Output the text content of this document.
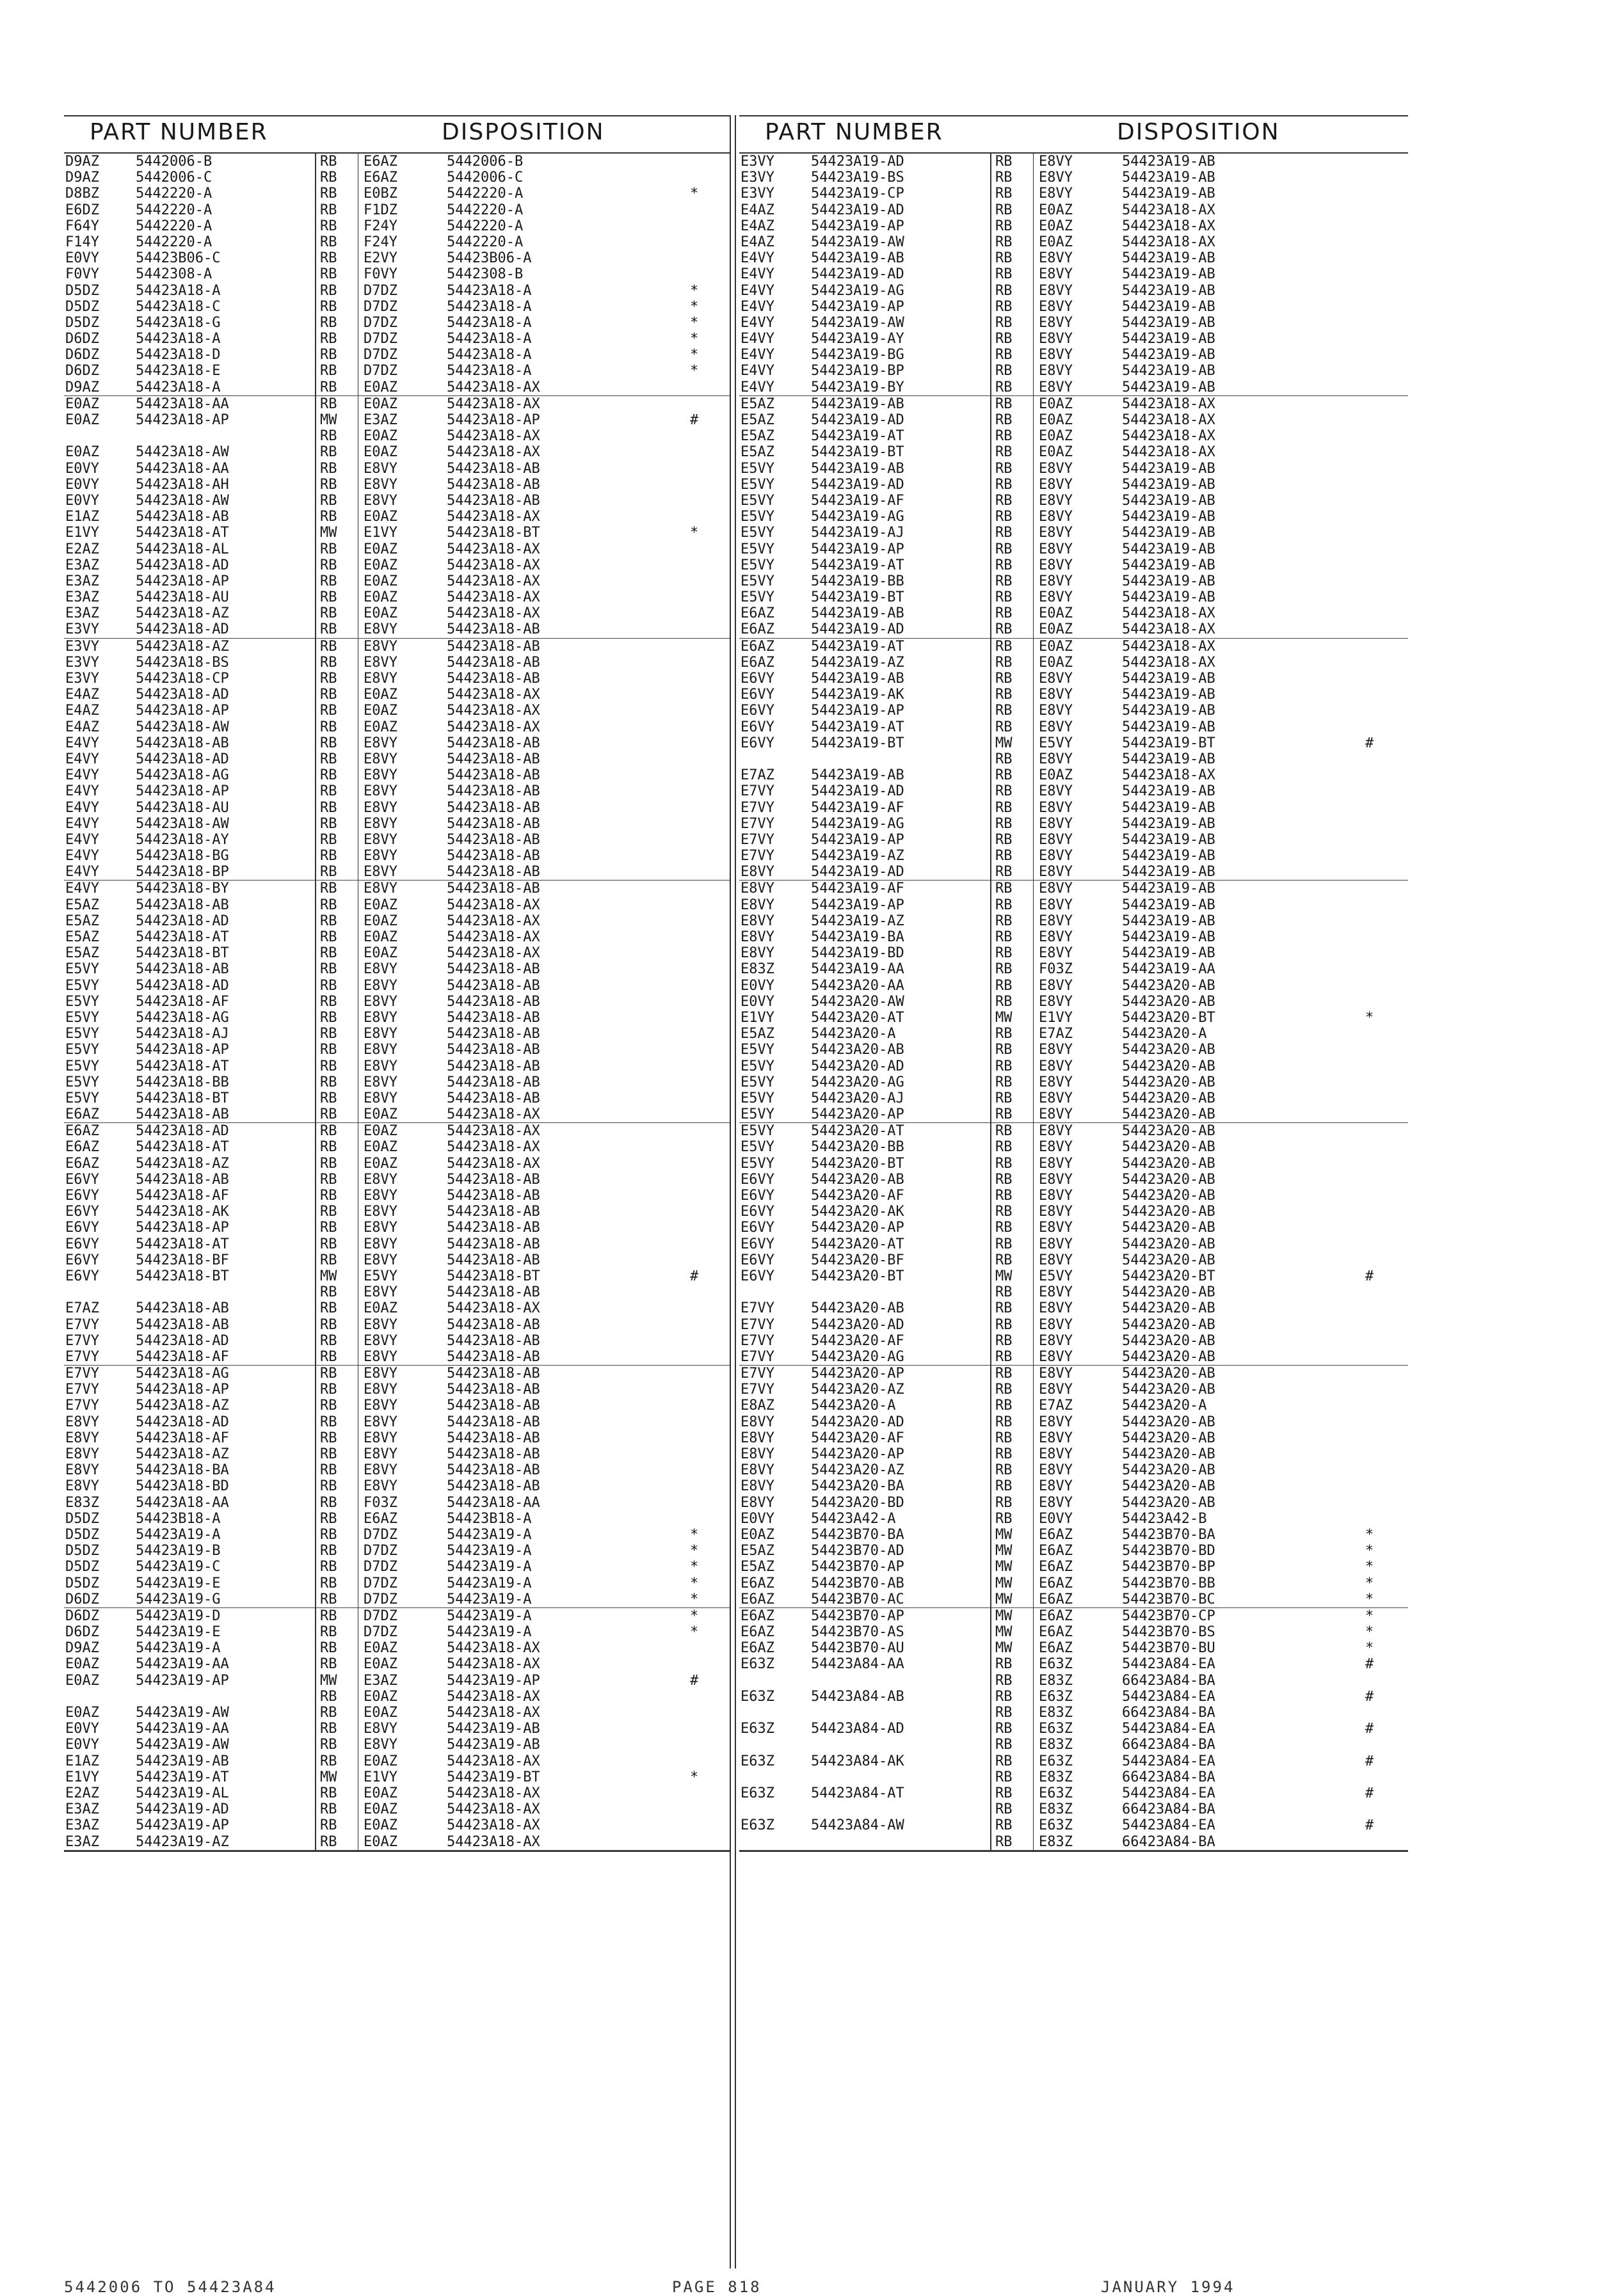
PART NUMBER	DISPOSITION
D9AZ	5442006-B	RB E6AZ	5442006-B
D9AZ	5442006-C	RB E6AZ	5442006-C
D8BZ	5442220-A	RB E0BZ	5442220-A	*
E6DZ	5442220-A	RB F1DZ	5442220-A
F64Y	5442220-A	RB F24Y	5442220-A
F14Y	5442220-A	RB F24Y	5442220-A
E0VY	54423B06-C	RB E2VY	54423B06-A
F0VY	5442308-A	RB F0VY	5442308-B
D5DZ	54423A18-A	RB D7DZ	54423A18-A	*
D5DZ	54423A18-C	RB D7DZ	54423A18-A	*
D5DZ	54423A18-G	RB D7DZ	54423A18-A	*
D6DZ	54423A18-A	RB D7DZ	54423A18-A	*
D6DZ	54423A18-D	RB D7DZ	54423A18-A	*
D6DZ	54423A18-E	RB D7DZ	54423A18-A	*
D9AZ	54423A18-A	RB E0AZ	54423A18-AX
E0AZ	54423A18-AA	RB E0AZ	54423A18-AX
E0AZ	54423A18-AP	MW E3AZ	54423A18-AP	#
RB E0AZ	54423A18-AX
E0AZ	54423A18-AW	RB E0AZ	54423A18-AX
E0VY	54423A18-AA	RB E8VY	54423A18-AB
E0VY	54423A18-AH	RB E8VY	54423A18-AB
E0VY	54423A18-AW	RB E8VY	54423A18-AB
E1AZ	54423A18-AB	RB E0AZ	54423A18-AX
E1VY	54423A18-AT	MW E1VY	54423A18-BT	*
E2AZ	54423A18-AL	RB E0AZ	54423A18-AX
E3AZ	54423A18-AD	RB E0AZ	54423A18-AX
E3AZ	54423A18-AP	RB E0AZ	54423A18-AX
E3AZ	54423A18-AU	RB E0AZ	54423A18-AX
E3AZ	54423A18-AZ	RB E0AZ	54423A18-AX
E3VY	54423A18-AD	RB E8VY	54423A18-AB
E3VY	54423A18-AZ	RB E8VY	54423A18-AB
E3VY	54423A18-BS	RB E8VY	54423A18-AB
E3VY	54423A18-CP	RB E8VY	54423A18-AB
E4AZ	54423A18-AD	RB E0AZ	54423A18-AX
E4AZ	54423A18-AP	RB E0AZ	54423A18-AX
E4AZ	54423A18-AW	RB E0AZ	54423A18-AX
E4VY	54423A18-AB	RB E8VY	54423A18-AB
E4VY	54423A18-AD	RB E8VY	54423A18-AB
E4VY	54423A18-AG	RB E8VY	54423A18-AB
E4VY	54423A18-AP	RB E8VY	54423A18-AB
E4VY	54423A18-AU	RB E8VY	54423A18-AB
E4VY	54423A18-AW	RB E8VY	54423A18-AB
E4VY	54423A18-AY	RB E8VY	54423A18-AB
E4VY	54423A18-BG	RB E8VY	54423A18-AB
E4VY	54423A18-BP	RB E8VY	54423A18-AB
E4VY	54423A18-BY	RB E8VY	54423A18-AB
E5AZ	54423A18-AB	RB E0AZ	54423A18-AX
E5AZ	54423A18-AD	RB E0AZ	54423A18-AX
E5AZ	54423A18-AT	RB E0AZ	54423A18-AX
E5AZ	54423A18-BT	RB E0AZ	54423A18-AX
E5VY	54423A18-AB	RB E8VY	54423A18-AB
E5VY	54423A18-AD	RB E8VY	54423A18-AB
E5VY	54423A18-AF	RB E8VY	54423A18-AB
E5VY	54423A18-AG	RB E8VY	54423A18-AB
E5VY	54423A18-AJ	RB E8VY	54423A18-AB
E5VY	54423A18-AP	RB E8VY	54423A18-AB
E5VY	54423A18-AT	RB E8VY	54423A18-AB
E5VY	54423A18-BB	RB E8VY	54423A18-AB
E5VY	54423A18-BT	RB E8VY	54423A18-AB
E6AZ	54423A18-AB	RB E0AZ	54423A18-AX
E6AZ	54423A18-AD	RB E0AZ	54423A18-AX
E6AZ	54423A18-AT	RB E0AZ	54423A18-AX
E6AZ	54423A18-AZ	RB E0AZ	54423A18-AX
E6VY	54423A18-AB	RB E8VY	54423A18-AB
E6VY	54423A18-AF	RB E8VY	54423A18-AB
E6VY	54423A18-AK	RB E8VY	54423A18-AB
E6VY	54423A18-AP	RB E8VY	54423A18-AB
E6VY	54423A18-AT	RB E8VY	54423A18-AB
E6VY	54423A18-BF	RB E8VY	54423A18-AB
E6VY	54423A18-BT	MW E5VY	54423A18-BT	#
RB E8VY	54423A18-AB
E7AZ	54423A18-AB	RB E0AZ	54423A18-AX
E7VY	54423A18-AB	RB E8VY	54423A18-AB
E7VY	54423A18-AD	RB E8VY	54423A18-AB
E7VY	54423A18-AF	RB E8VY	54423A18-AB
E7VY	54423A18-AG	RB E8VY	54423A18-AB
E7VY	54423A18-AP	RB E8VY	54423A18-AB
E7VY	54423A18-AZ	RB E8VY	54423A18-AB
E8VY	54423A18-AD	RB E8VY	54423A18-AB
E8VY	54423A18-AF	RB E8VY	54423A18-AB
E8VY	54423A18-AZ	RB E8VY	54423A18-AB
E8VY	54423A18-BA	RB E8VY	54423A18-AB
E8VY	54423A18-BD	RB E8VY	54423A18-AB
E83Z	54423A18-AA	RB F03Z	54423A18-AA
D5DZ	54423B18-A	RB E6AZ	54423B18-A
D5DZ	54423A19-A	RB D7DZ	54423A19-A	*
D5DZ	54423A19-B	RB D7DZ	54423A19-A	*
D5DZ	54423A19-C	RB D7DZ	54423A19-A	*
D5DZ	54423A19-E	RB D7DZ	54423A19-A	*
D6DZ	54423A19-G	RB D7DZ	54423A19-A	*
D6DZ	54423A19-D	RB D7DZ	54423A19-A	*
D6DZ	54423A19-E	RB D7DZ	54423A19-A	*
D9AZ	54423A19-A	RB E0AZ	54423A18-AX
E0AZ	54423A19-AA	RB E0AZ	54423A18-AX
E0AZ	54423A19-AP	MW E3AZ	54423A19-AP	#
RB E0AZ	54423A18-AX
E0AZ	54423A19-AW	RB E0AZ	54423A18-AX
E0VY	54423A19-AA	RB E8VY	54423A19-AB
E0VY	54423A19-AW	RB E8VY	54423A19-AB
E1AZ	54423A19-AB	RB E0AZ	54423A18-AX
E1VY	54423A19-AT	MW E1VY	54423A19-BT	*
E2AZ	54423A19-AL	RB E0AZ	54423A18-AX
E3AZ	54423A19-AD	RB E0AZ	54423A18-AX
E3AZ	54423A19-AP	RB E0AZ	54423A18-AX
E3AZ	54423A19-AZ	RB E0AZ	54423A18-AX
PART NUMBER	DISPOSITION
E3VY	54423A19-AD	RB E8VY	54423A19-AB
E3VY	54423A19-BS	RB E8VY	54423A19-AB
E3VY	54423A19-CP	RB E8VY	54423A19-AB
E4AZ	54423A19-AD	RB E0AZ	54423A18-AX
E4AZ	54423A19-AP	RB E0AZ	54423A18-AX
E4AZ	54423A19-AW	RB E0AZ	54423A18-AX
E4VY	54423A19-AB	RB E8VY	54423A19-AB
E4VY	54423A19-AD	RB E8VY	54423A19-AB
E4VY	54423A19-AG	RB E8VY	54423A19-AB
E4VY	54423A19-AP	RB E8VY	54423A19-AB
E4VY	54423A19-AW	RB E8VY	54423A19-AB
E4VY	54423A19-AY	RB E8VY	54423A19-AB
E4VY	54423A19-BG	RB E8VY	54423A19-AB
E4VY	54423A19-BP	RB E8VY	54423A19-AB
E4VY	54423A19-BY	RB E8VY	54423A19-AB
E5AZ	54423A19-AB	RB E0AZ	54423A18-AX
E5AZ	54423A19-AD	RB E0AZ	54423A18-AX
E5AZ	54423A19-AT	RB E0AZ	54423A18-AX
E5AZ	54423A19-BT	RB E0AZ	54423A18-AX
E5VY	54423A19-AB	RB E8VY	54423A19-AB
E5VY	54423A19-AD	RB E8VY	54423A19-AB
E5VY	54423A19-AF	RB E8VY	54423A19-AB
E5VY	54423A19-AG	RB E8VY	54423A19-AB
E5VY	54423A19-AJ	RB E8VY	54423A19-AB
E5VY	54423A19-AP	RB E8VY	54423A19-AB
E5VY	54423A19-AT	RB E8VY	54423A19-AB
E5VY	54423A19-BB	RB E8VY	54423A19-AB
E5VY	54423A19-BT	RB E8VY	54423A19-AB
E6AZ	54423A19-AB	RB E0AZ	54423A18-AX
E6AZ	54423A19-AD	RB E0AZ	54423A18-AX
E6AZ	54423A19-AT	RB E0AZ	54423A18-AX
E6AZ	54423A19-AZ	RB E0AZ	54423A18-AX
E6VY	54423A19-AB	RB E8VY	54423A19-AB
E6VY	54423A19-AK	RB E8VY	54423A19-AB
E6VY	54423A19-AP	RB E8VY	54423A19-AB
E6VY	54423A19-AT	RB E8VY	54423A19-AB
E6VY	54423A19-BT	MW E5VY	54423A19-BT	#
RB E8VY	54423A19-AB
E7AZ	54423A19-AB	RB E0AZ	54423A18-AX
E7VY	54423A19-AD	RB E8VY	54423A19-AB
E7VY	54423A19-AF	RB E8VY	54423A19-AB
E7VY	54423A19-AG	RB E8VY	54423A19-AB
E7VY	54423A19-AP	RB E8VY	54423A19-AB
E7VY	54423A19-AZ	RB E8VY	54423A19-AB
E8VY	54423A19-AD	RB E8VY	54423A19-AB
E8VY	54423A19-AF	RB E8VY	54423A19-AB
E8VY	54423A19-AP	RB E8VY	54423A19-AB
E8VY	54423A19-AZ	RB E8VY	54423A19-AB
E8VY	54423A19-BA	RB E8VY	54423A19-AB
E8VY	54423A19-BD	RB E8VY	54423A19-AB
E83Z	54423A19-AA	RB F03Z	54423A19-AA
E0VY	54423A20-AA	RB E8VY	54423A20-AB
E0VY	54423A20-AW	RB E8VY	54423A20-AB
E1VY	54423A20-AT	MW E1VY	54423A20-BT	*
E5AZ	54423A20-A	RB E7AZ	54423A20-A
E5VY	54423A20-AB	RB E8VY	54423A20-AB
E5VY	54423A20-AD	RB E8VY	54423A20-AB
E5VY	54423A20-AG	RB E8VY	54423A20-AB
E5VY	54423A20-AJ	RB E8VY	54423A20-AB
E5VY	54423A20-AP	RB E8VY	54423A20-AB
E5VY	54423A20-AT	RB E8VY	54423A20-AB
E5VY	54423A20-BB	RB E8VY	54423A20-AB
E5VY	54423A20-BT	RB E8VY	54423A20-AB
E6VY	54423A20-AB	RB E8VY	54423A20-AB
E6VY	54423A20-AF	RB E8VY	54423A20-AB
E6VY	54423A20-AK	RB E8VY	54423A20-AB
E6VY	54423A20-AP	RB E8VY	54423A20-AB
E6VY	54423A20-AT	RB E8VY	54423A20-AB
E6VY	54423A20-BF	RB E8VY	54423A20-AB
E6VY	54423A20-BT	MW E5VY	54423A20-BT	#
RB E8VY	54423A20-AB
E7VY	54423A20-AB	RB E8VY	54423A20-AB
E7VY	54423A20-AD	RB E8VY	54423A20-AB
E7VY	54423A20-AF	RB E8VY	54423A20-AB
E7VY	54423A20-AG	RB E8VY	54423A20-AB
E7VY	54423A20-AP	RB E8VY	54423A20-AB
E7VY	54423A20-AZ	RB E8VY	54423A20-AB
E8AZ	54423A20-A	RB E7AZ	54423A20-A
E8VY	54423A20-AD	RB E8VY	54423A20-AB
E8VY	54423A20-AF	RB E8VY	54423A20-AB
E8VY	54423A20-AP	RB E8VY	54423A20-AB
E8VY	54423A20-AZ	RB E8VY	54423A20-AB
E8VY	54423A20-BA	RB E8VY	54423A20-AB
E8VY	54423A20-BD	RB E8VY	54423A20-AB
E0VY	54423A42-A	RB E0VY	54423A42-B
E0AZ	54423B70-BA	MW E6AZ	54423B70-BA	*
E5AZ	54423B70-AD	MW E6AZ	54423B70-BD	*
E5AZ	54423B70-AP	MW E6AZ	54423B70-BP	*
E6AZ	54423B70-AB	MW E6AZ	54423B70-BB	*
E6AZ	54423B70-AC	MW E6AZ	54423B70-BC	*
E6AZ	54423B70-AP	MW E6AZ	54423B70-CP	*
E6AZ	54423B70-AS	MW E6AZ	54423B70-BS	*
E6AZ	54423B70-AU	MW E6AZ	54423B70-BU	*
E63Z	54423A84-AA	RB E63Z	54423A84-EA	#
RB E83Z	66423A84-BA
E63Z	54423A84-AB	RB E63Z	54423A84-EA	#
RB E83Z	66423A84-BA
E63Z	54423A84-AD	RB E63Z	54423A84-EA	#
RB E83Z	66423A84-BA
E63Z	54423A84-AK	RB E63Z	54423A84-EA	#
RB E83Z	66423A84-BA
E63Z	54423A84-AT	RB E63Z	54423A84-EA	#
RB E83Z	66423A84-BA
E63Z	54423A84-AW	RB E63Z	54423A84-EA	#
RB E83Z	66423A84-BA
5442006 TO 54423A84	PAGE 818	JANUARY 1994
